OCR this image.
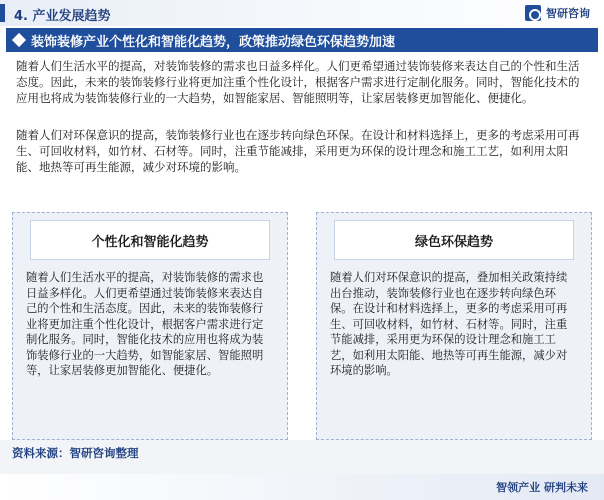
4. 产业发展趋势	智研咨询
装饰装修产业个性化和智能化趋势，政策推动绿色环保趋势加速

随着人们生活水平的提高，对装饰装修的需求也日益多样化。人们更希望通过装饰装修来表达自己的个性和生活态度。因此，未来的装饰装修行业将更加注重个性化设计，根据客户需求进行定制化服务。同时，智能化技术的应用也将成为装饰装修行业的一大趋势，如智能家居、智能照明等，让家居装修更加智能化、便捷化。

随着人们对环保意识的提高，装饰装修行业也在逐步转向绿色环保。在设计和材料选择上，更多的考虑采用可再生、可回收材料，如竹材、石材等。同时，注重节能减排，采用更为环保的设计理念和施工工艺，如利用太阳能、地热等可再生能源，减少对环境的影响。

个性化和智能化趋势

随着人们生活水平的提高，对装饰装修的需求也日益多样化。人们更希望通过装饰装修来表达自己的个性和生活态度。因此，未来的装饰装修行业将更加注重个性化设计，根据客户需求进行定制化服务。同时，智能化技术的应用也将成为装饰装修行业的一大趋势，如智能家居、智能照明等，让家居装修更加智能化、便捷化。

绿色环保趋势

随着人们对环保意识的提高，叠加相关政策持续出台推动，装饰装修行业也在逐步转向绿色环保。在设计和材料选择上，更多的考虑采用可再生、可回收材料，如竹材、石材等。同时，注重节能减排，采用更为环保的设计理念和施工工艺，如利用太阳能、地热等可再生能源，减少对环境的影响。

资料来源：智研咨询整理
智领产业 研判未来
